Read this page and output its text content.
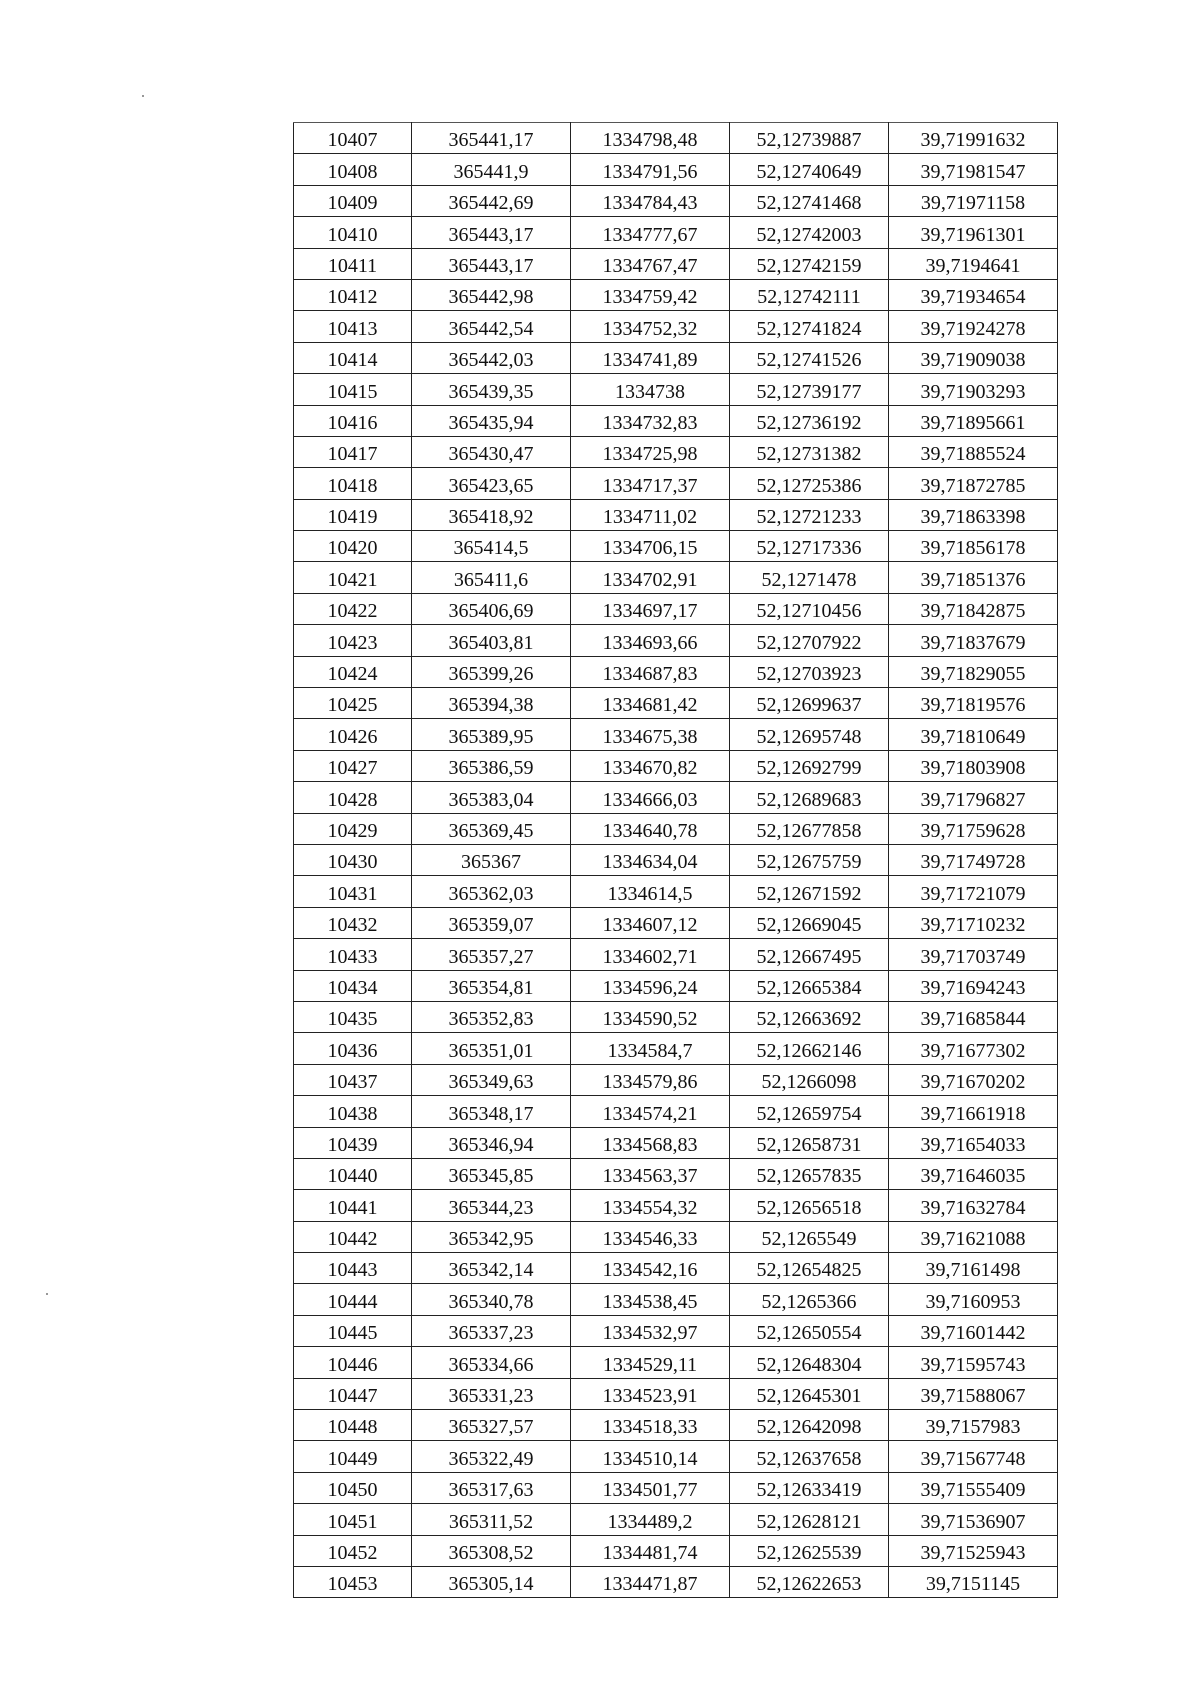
10407	365441,17	1334798,48	52,12739887	39,71991632
10408	365441,9	1334791,56	52,12740649	39,71981547
10409	365442,69	1334784,43	52,12741468	39,71971158
10410	365443,17	1334777,67	52,12742003	39,71961301
10411	365443,17	1334767,47	52,12742159	39,7194641
10412	365442,98	1334759,42	52,12742111	39,71934654
10413	365442,54	1334752,32	52,12741824	39,71924278
10414	365442,03	1334741,89	52,12741526	39,71909038
10415	365439,35	1334738	52,12739177	39,71903293
10416	365435,94	1334732,83	52,12736192	39,71895661
10417	365430,47	1334725,98	52,12731382	39,71885524
10418	365423,65	1334717,37	52,12725386	39,71872785
10419	365418,92	1334711,02	52,12721233	39,71863398
10420	365414,5	1334706,15	52,12717336	39,71856178
10421	365411,6	1334702,91	52,1271478	39,71851376
10422	365406,69	1334697,17	52,12710456	39,71842875
10423	365403,81	1334693,66	52,12707922	39,71837679
10424	365399,26	1334687,83	52,12703923	39,71829055
10425	365394,38	1334681,42	52,12699637	39,71819576
10426	365389,95	1334675,38	52,12695748	39,71810649
10427	365386,59	1334670,82	52,12692799	39,71803908
10428	365383,04	1334666,03	52,12689683	39,71796827
10429	365369,45	1334640,78	52,12677858	39,71759628
10430	365367	1334634,04	52,12675759	39,71749728
10431	365362,03	1334614,5	52,12671592	39,71721079
10432	365359,07	1334607,12	52,12669045	39,71710232
10433	365357,27	1334602,71	52,12667495	39,71703749
10434	365354,81	1334596,24	52,12665384	39,71694243
10435	365352,83	1334590,52	52,12663692	39,71685844
10436	365351,01	1334584,7	52,12662146	39,71677302
10437	365349,63	1334579,86	52,1266098	39,71670202
10438	365348,17	1334574,21	52,12659754	39,71661918
10439	365346,94	1334568,83	52,12658731	39,71654033
10440	365345,85	1334563,37	52,12657835	39,71646035
10441	365344,23	1334554,32	52,12656518	39,71632784
10442	365342,95	1334546,33	52,1265549	39,71621088
10443	365342,14	1334542,16	52,12654825	39,7161498
10444	365340,78	1334538,45	52,1265366	39,7160953
10445	365337,23	1334532,97	52,12650554	39,71601442
10446	365334,66	1334529,11	52,12648304	39,71595743
10447	365331,23	1334523,91	52,12645301	39,71588067
10448	365327,57	1334518,33	52,12642098	39,7157983
10449	365322,49	1334510,14	52,12637658	39,71567748
10450	365317,63	1334501,77	52,12633419	39,71555409
10451	365311,52	1334489,2	52,12628121	39,71536907
10452	365308,52	1334481,74	52,12625539	39,71525943
10453	365305,14	1334471,87	52,12622653	39,7151145
